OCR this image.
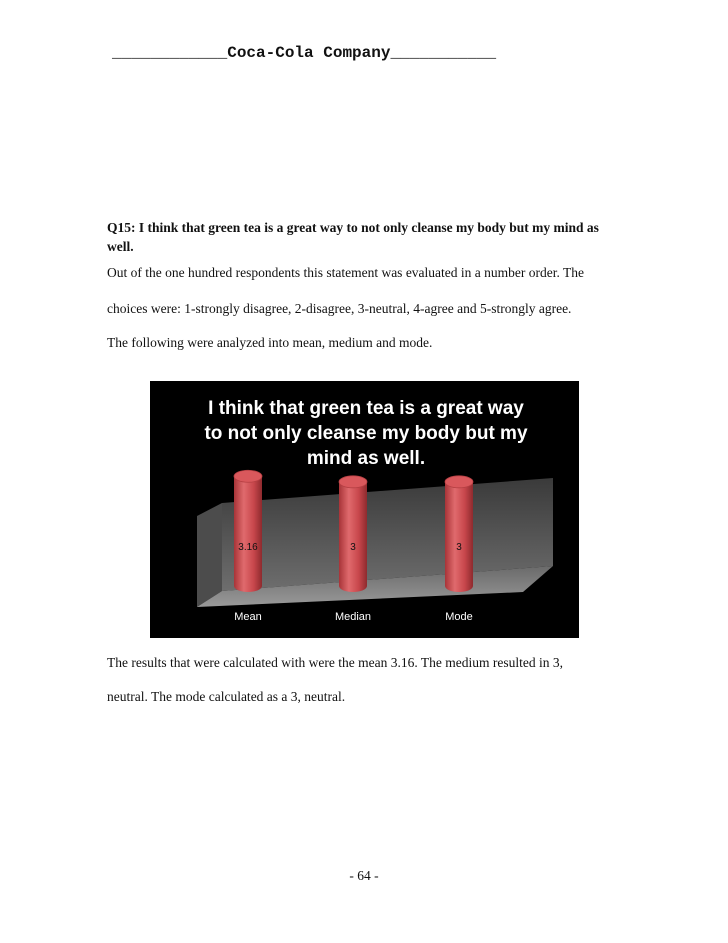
____________Coca-Cola Company___________
Q15: I think that green tea is a great way to not only cleanse my body but my mind as well.
Out of the one hundred respondents this statement was evaluated in a number order. The
choices were: 1-strongly disagree, 2-disagree, 3-neutral, 4-agree and 5-strongly agree.
The following were analyzed into mean, medium and mode.
I think that green tea is a great way
to not only cleanse my body but my
mind as well.
3.16
Mean
3
Median
3
Mode
The results that were calculated with were the mean 3.16. The medium resulted in 3,
neutral. The mode calculated as a 3, neutral.
- 64 -
